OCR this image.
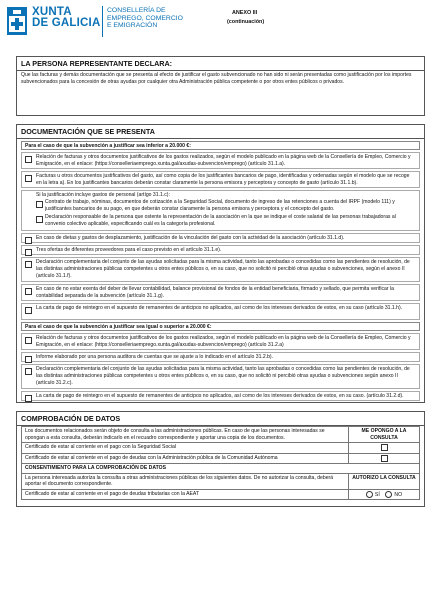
XUNTA
DE GALICIA
CONSELLERÍA DE
EMPREGO, COMERCIO
E EMIGRACIÓN
ANEXO III
(continuación)
LA PERSONA REPRESENTANTE DECLARA:
Que las facturas y demás documentación que se presenta al efecto de justificar el gasto subvencionado no han sido ni serán presentadas como justificación por los importes subvencionados para la concesión de otras ayudas por cualquier otra Administración pública competente o por otros entes públicos o privados.
DOCUMENTACIÓN QUE SE PRESENTA
Para el caso de que la subvención a justificar sea inferior a 20.000 €:
Relación de facturas y otros documentos justificativos de los gastos realizados, según el modelo publicado en la página web de la Consellería de Empleo, Comercio y Emigración, en el enlace: (https://conselleriaemprego.xunta.gal/axudas-subvencion/emprego) (artículo 31.1.a).
Facturas u otros documentos justificativos del gasto, así como copia de los justificantes bancarios de pago, identificadas y ordenadas según el modelo que se recoge en la letra a). En los justificantes bancarios deberán constar claramente la persona emisora y perceptora y concepto de gasto (artículo 31.1.b).
Si la justificación incluye gastos de personal (artígo 31.1.c):
Contrato de trabajo, nóminas, documentos de cotización a la Seguridad Social, documento de ingreso de las retenciones a cuenta del IRPF (modelo 111) y justificantes bancarios de su pago, en que deberán constar claramente la persona emisora y perceptora y el concepto del gasto.
Declaración responsable de la persona que ostente la representación de la asociación en la que se indique el coste salarial de las personas trabajadoras al convenio colectivo aplicable, especificando cuál es la categoría profesional.
En caso de dietas y gastos de desplazamiento, justificación de la vinculación del gasto con la actividad de la asociación (artículo 31.1.d).
Tres ofertas de diferentes proveedores para el caso previsto en el artículo 31.1.e).
Declaración complementaria del conjunto de las ayudas solicitadas para la misma actividad, tanto las aprobadas o concedidas como las pendientes de resolución, de las distintas administraciones públicas competentes u otros entes públicos o, en su caso, que no solicitó ni percibió otras ayudas o subvenciones, según el anexo II (artículo 31.1.f).
En caso de no estar exenta del deber de llevar contabilidad, balance provisional de fondos de la entidad beneficiaria, firmado y sellado, que permita verificar la contabilidad separada de la subvención (artículo 31.1.g).
La carta de pago de reintegro en el supuesto de remanentes de anticipos no aplicados, así como de los intereses derivados de estos, en su caso (artículo 31.1.h).
Para el caso de que la subvención a justificar sea igual o superior a 20.000 €:
Relación de facturas y otros documentos justificativos de los gastos realizados, según el modelo publicado en la página web de la Consellería de Empleo, Comercio y Emigración, en el enlace: (https://conselleriaemprego.xunta.gal/axudas-subvencion/emprego) (artículo 31.2.a)
Informe elaborado por una persona auditora de cuentas que se ajuste a lo indicado en el artículo 31.2.b).
Declaración complementaria del conjunto de las ayudas solicitadas para la misma actividad, tanto las aprobadas o concedidas como las pendientes de resolución, de las distintas administraciones públicas competentes u otros entes públicos o, en su caso, que no solicitó ni percibió otras ayudas o subvenciones según anexo II (artículo 31.2.c).
La carta de pago de reintegro en el supuesto de remanentes de anticipos no aplicados, así como de los intereses derivados de estos, en su caso. (artículo 31.2.d).
COMPROBACIÓN DE DATOS
Los documentos relacionados serán objeto de consulta a las administraciones públicas. En caso de que las personas interesadas se opongan a esta consulta, deberán indicarlo en el recuadro correspondiente y aportar una copia de los documentos.	ME OPONGO A LA CONSULTA
Certificado de estar al corriente en el pago con la Seguridad Social	
Certificado de estar al corriente en el pago de deudas con la Administración pública de la Comunidad Autónoma	
CONSENTIMIENTO PARA LA COMPROBACIÓN DE DATOS	
La persona interesada autoriza la consulta a otras administraciones públicas de los siguientes datos. De no autorizar la consulta, deberá aportar el documento correspondiente.	AUTORIZO LA CONSULTA
Certificado de estar al corriente en el pago de deudas tributarias con la AEAT	SÍ NO
